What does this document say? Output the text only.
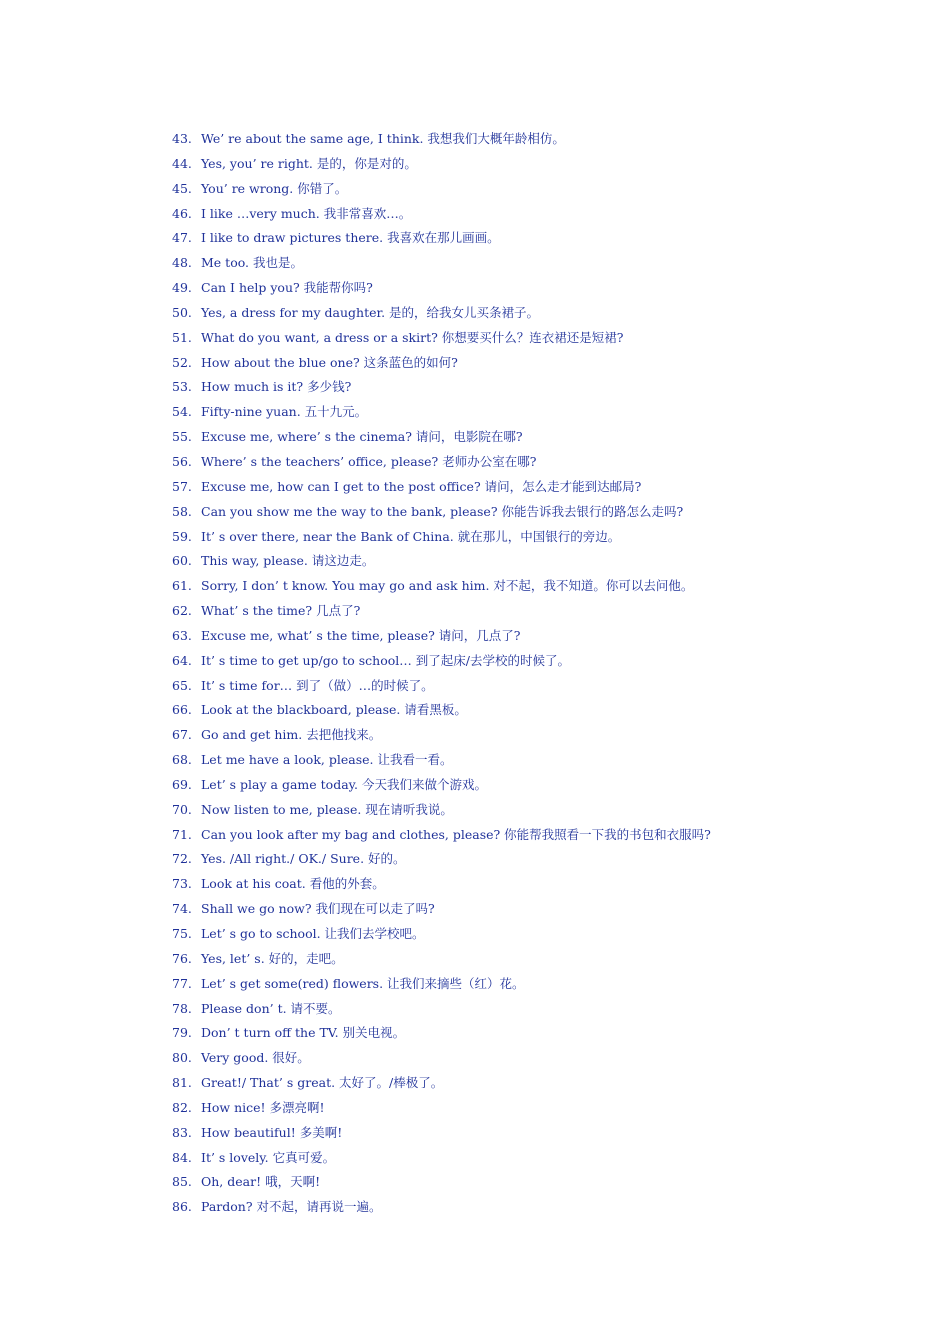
43. We’ re about the same age, I think. 我想我们大概年龄相仿。
44. Yes, you’ re right. 是的，你是对的。
45. You’ re wrong. 你错了。
46. I like …very much. 我非常喜欢…。
47. I like to draw pictures there. 我喜欢在那儿画画。
48. Me too. 我也是。
49. Can I help you? 我能帮你吗?
50. Yes, a dress for my daughter. 是的，给我女儿买条裙子。
51. What do you want, a dress or a skirt? 你想要买什么？连衣裙还是短裙?
52. How about the blue one? 这条蓝色的如何?
53. How much is it? 多少钱?
54. Fifty-nine yuan. 五十九元。
55. Excuse me, where’ s the cinema? 请问，电影院在哪?
56. Where’ s the teachers’ office, please? 老师办公室在哪?
57. Excuse me, how can I get to the post office? 请问，怎么走才能到达邮局?
58. Can you show me the way to the bank, please? 你能告诉我去银行的路怎么走吗?
59. It’ s over there, near the Bank of China. 就在那儿，中国银行的旁边。
60. This way, please. 请这边走。
61. Sorry, I don’ t know. You may go and ask him. 对不起，我不知道。你可以去问他。
62. What’ s the time? 几点了?
63. Excuse me, what’ s the time, please? 请问，几点了?
64. It’ s time to get up/go to school… 到了起床/去学校的时候了。
65. It’ s time for… 到了（做）…的时候了。
66. Look at the blackboard, please. 请看黑板。
67. Go and get him. 去把他找来。
68. Let me have a look, please. 让我看一看。
69. Let’ s play a game today. 今天我们来做个游戏。
70. Now listen to me, please. 现在请听我说。
71. Can you look after my bag and clothes, please? 你能帮我照看一下我的书包和衣服吗?
72. Yes. /All right./ OK./ Sure. 好的。
73. Look at his coat. 看他的外套。
74. Shall we go now? 我们现在可以走了吗?
75. Let’ s go to school. 让我们去学校吧。
76. Yes, let’ s. 好的，走吧。
77. Let’ s get some(red) flowers. 让我们来摘些（红）花。
78. Please don’ t. 请不要。
79. Don’ t turn off the TV. 别关电视。
80. Very good. 很好。
81. Great!/ That’ s great. 太好了。/棒极了。
82. How nice! 多漂亮啊!
83. How beautiful! 多美啊!
84. It’ s lovely. 它真可爱。
85. Oh, dear! 哦，天啊!
86. Pardon? 对不起，请再说一遍。
